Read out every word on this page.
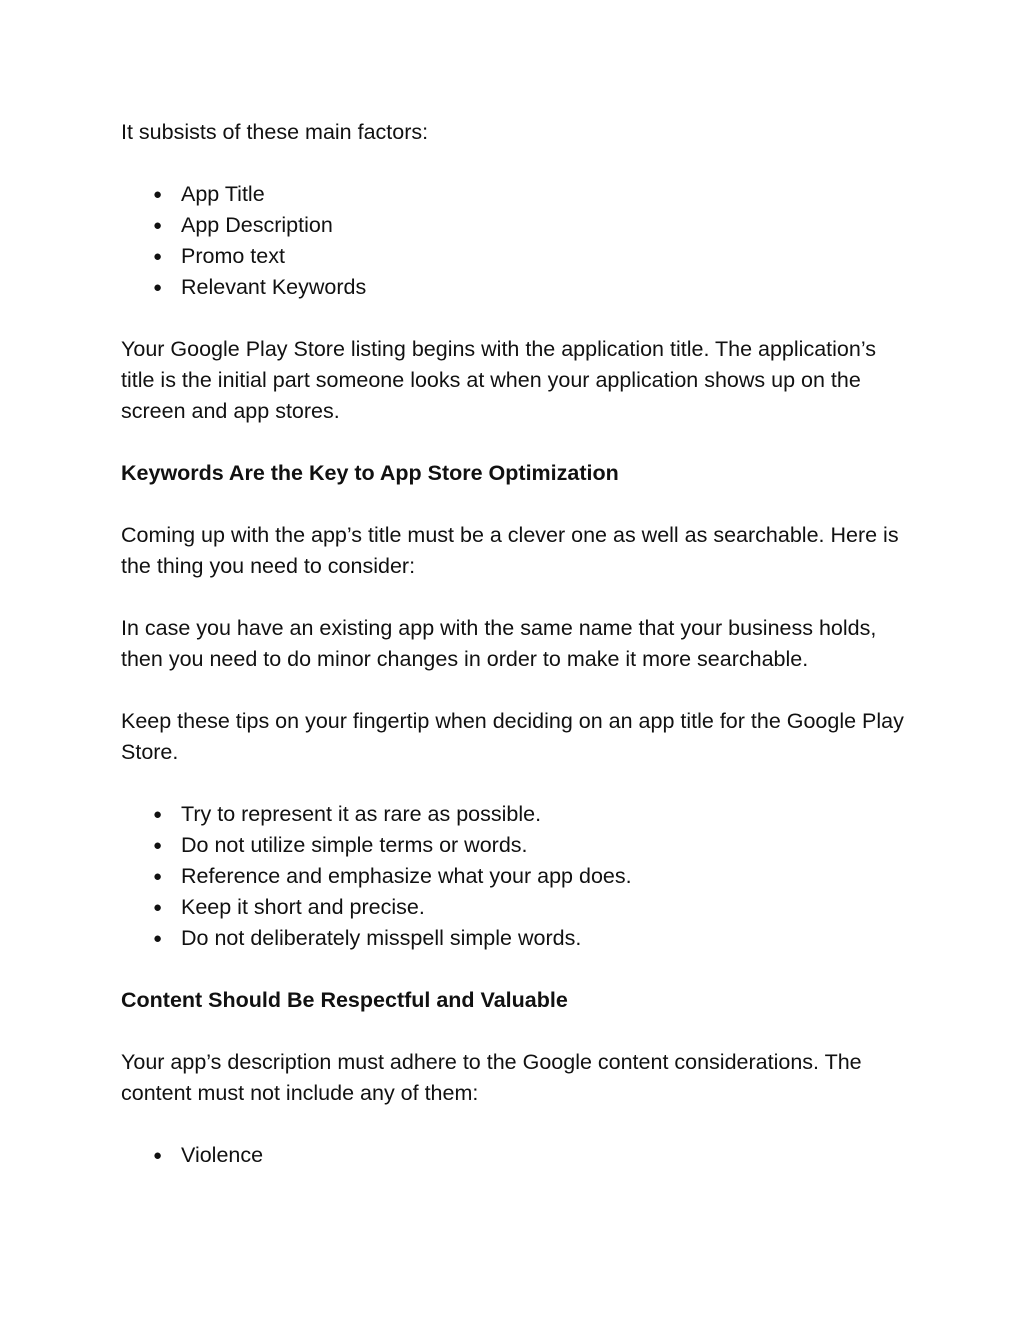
It subsists of these main factors:

● App Title
● App Description
● Promo text
● Relevant Keywords

Your Google Play Store listing begins with the application title. The application’s title is the initial part someone looks at when your application shows up on the screen and app stores.

Keywords Are the Key to App Store Optimization

Coming up with the app’s title must be a clever one as well as searchable. Here is the thing you need to consider:

In case you have an existing app with the same name that your business holds, then you need to do minor changes in order to make it more searchable.

Keep these tips on your fingertip when deciding on an app title for the Google Play Store.

● Try to represent it as rare as possible.
● Do not utilize simple terms or words.
● Reference and emphasize what your app does.
● Keep it short and precise.
● Do not deliberately misspell simple words.

Content Should Be Respectful and Valuable

Your app’s description must adhere to the Google content considerations. The content must not include any of them:

● Violence
